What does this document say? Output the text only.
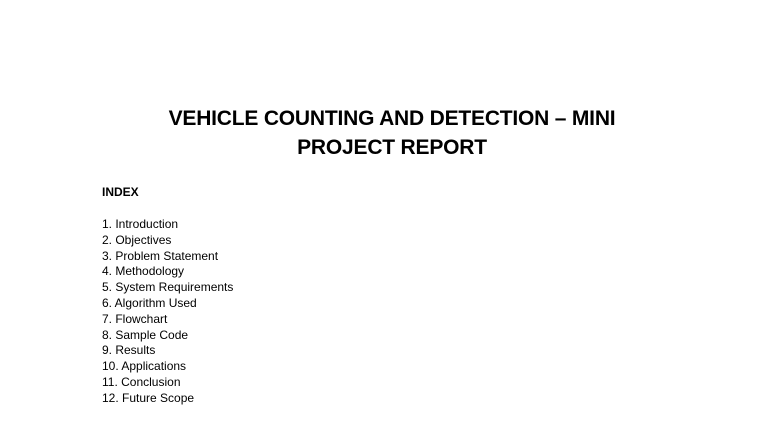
VEHICLE COUNTING AND DETECTION – MINI
PROJECT REPORT
INDEX
1. Introduction
2. Objectives
3. Problem Statement
4. Methodology
5. System Requirements
6. Algorithm Used
7. Flowchart
8. Sample Code
9. Results
10. Applications
11. Conclusion
12. Future Scope
